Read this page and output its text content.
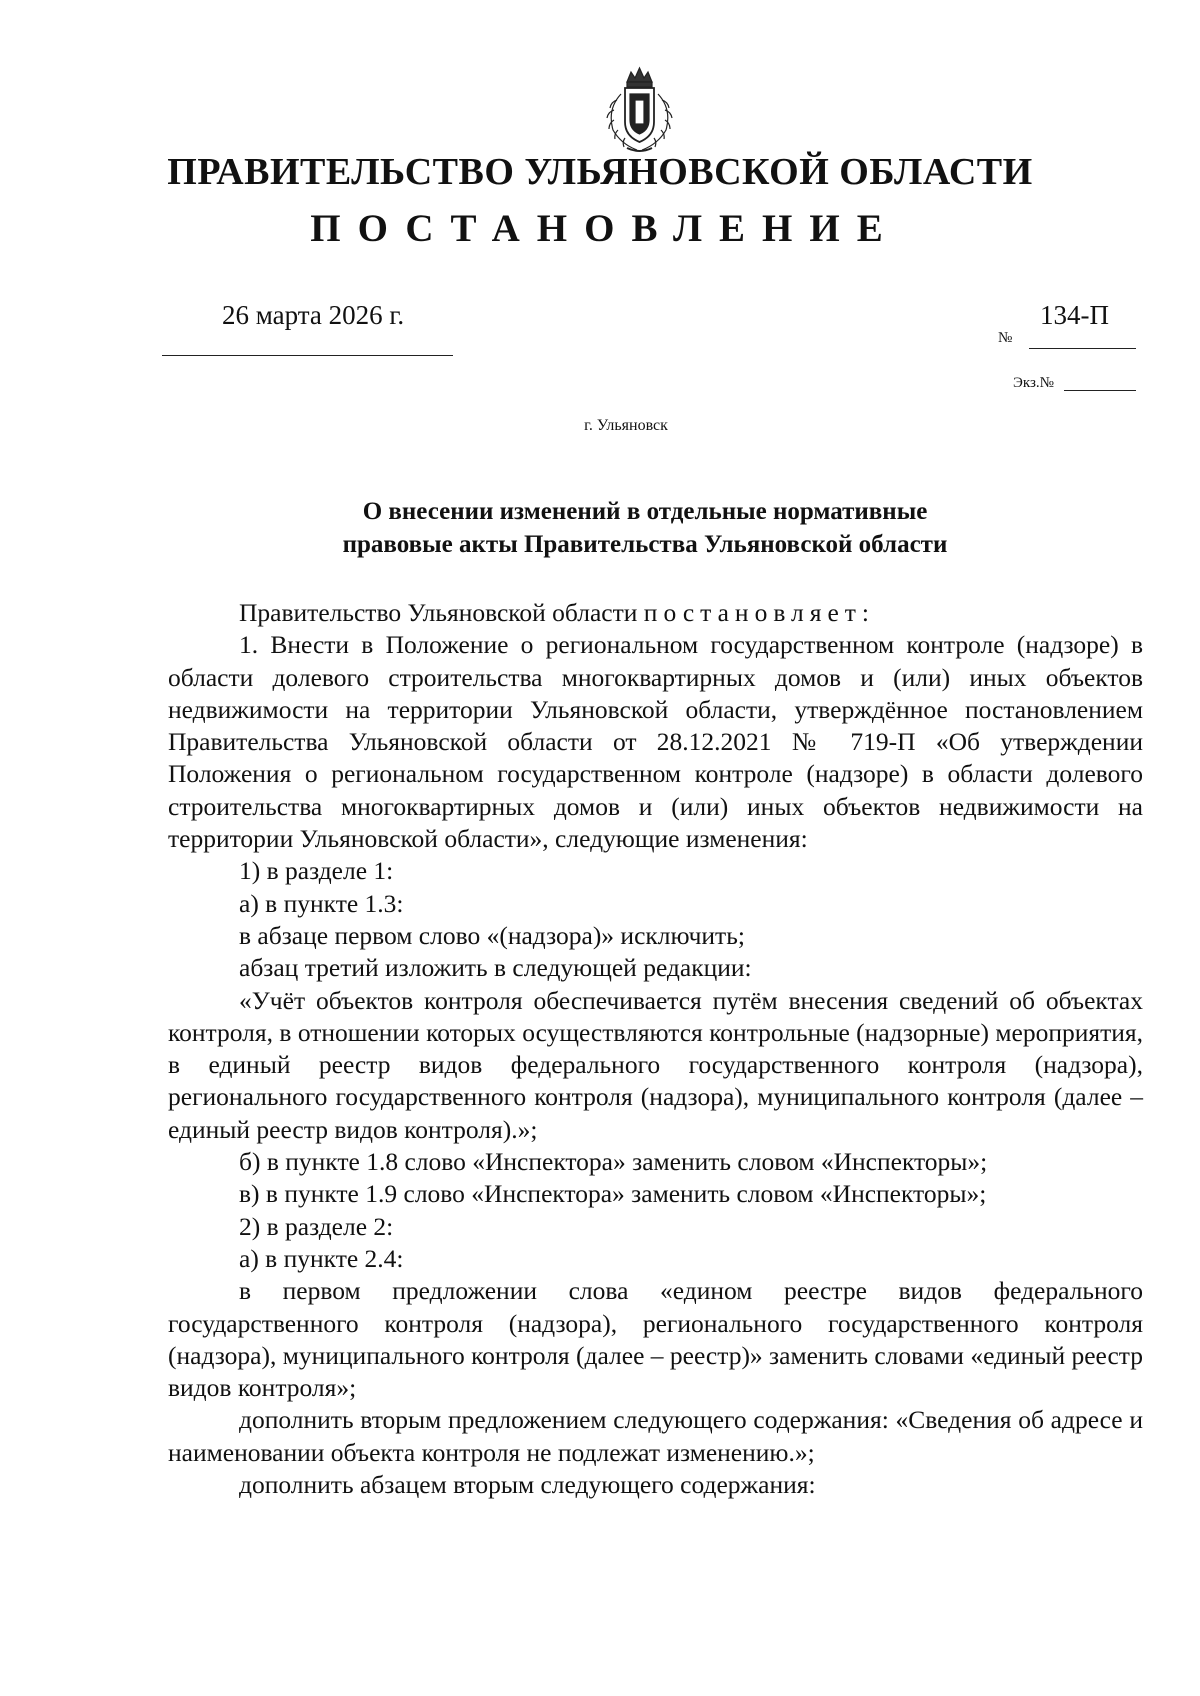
ПРАВИТЕЛЬСТВО УЛЬЯНОВСКОЙ ОБЛАСТИ
ПОСТАНОВЛЕНИЕ
26 марта 2026 г.	134-П
№
Экз.№
г. Ульяновск
О внесении изменений в отдельные нормативные
правовые акты Правительства Ульяновской области

Правительство Ульяновской области постановляет:

1. Внести в Положение о региональном государственном контроле (надзоре) в области долевого строительства многоквартирных домов и (или) иных объектов недвижимости на территории Ульяновской области, утверждённое постановлением Правительства Ульяновской области от 28.12.2021 № 719-П «Об утверждении Положения о региональном государственном контроле (надзоре) в области долевого строительства многоквартирных домов и (или) иных объектов недвижимости на территории Ульяновской области», следующие изменения:

1) в разделе 1:

а) в пункте 1.3:

в абзаце первом слово «(надзора)» исключить;

абзац третий изложить в следующей редакции:

«Учёт объектов контроля обеспечивается путём внесения сведений об объектах контроля, в отношении которых осуществляются контрольные (надзорные) мероприятия, в единый реестр видов федерального государственного контроля (надзора), регионального государственного контроля (надзора), муниципального контроля (далее – единый реестр видов контроля).»;

б) в пункте 1.8 слово «Инспектора» заменить словом «Инспекторы»;

в) в пункте 1.9 слово «Инспектора» заменить словом «Инспекторы»;

2) в разделе 2:

а) в пункте 2.4:

в первом предложении слова «едином реестре видов федерального государственного контроля (надзора), регионального государственного контроля (надзора), муниципального контроля (далее – реестр)» заменить словами «единый реестр видов контроля»;

дополнить вторым предложением следующего содержания: «Сведения об адресе и наименовании объекта контроля не подлежат изменению.»;

дополнить абзацем вторым следующего содержания:
